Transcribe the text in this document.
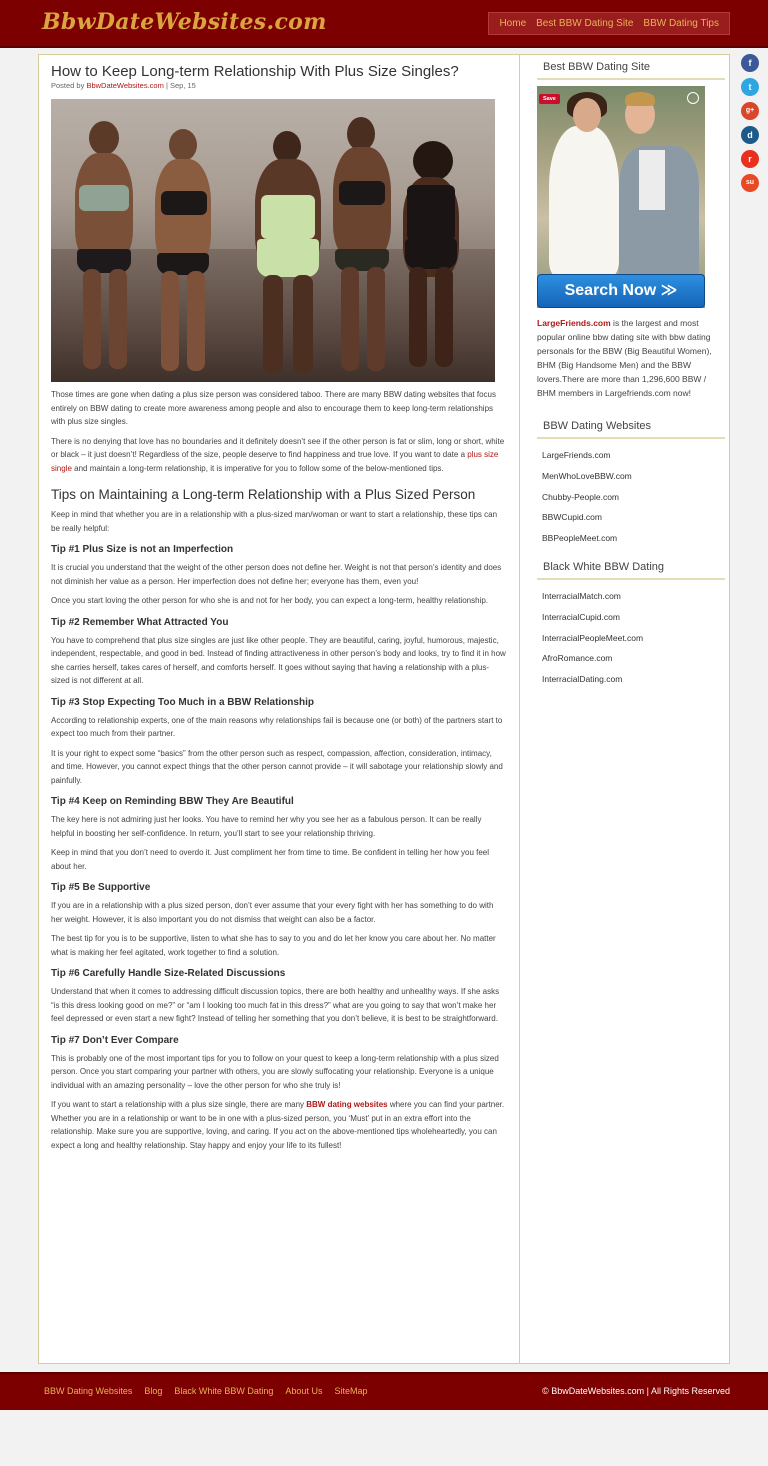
BbwDateWebsites.com	Home Best BBW Dating Site BBW Dating Tips
How to Keep Long-term Relationship With Plus Size Singles?
Posted by BbwDateWebsites.com | Sep, 15

Those times are gone when dating a plus size person was considered taboo. There are many BBW dating websites that focus entirely on BBW dating to create more awareness among people and also to encourage them to keep long-term relationships with plus size singles.

There is no denying that love has no boundaries and it definitely doesn’t see if the other person is fat or slim, long or short, white or black – it just doesn’t! Regardless of the size, people deserve to find happiness and true love. If you want to date a plus size single and maintain a long-term relationship, it is imperative for you to follow some of the below-mentioned tips.

Tips on Maintaining a Long-term Relationship with a Plus Sized Person

Keep in mind that whether you are in a relationship with a plus-sized man/woman or want to start a relationship, these tips can be really helpful:

Tip #1 Plus Size is not an Imperfection

It is crucial you understand that the weight of the other person does not define her. Weight is not that person’s identity and does not diminish her value as a person. Her imperfection does not define her; everyone has them, even you!

Once you start loving the other person for who she is and not for her body, you can expect a long-term, healthy relationship.

Tip #2 Remember What Attracted You

You have to comprehend that plus size singles are just like other people. They are beautiful, caring, joyful, humorous, majestic, independent, respectable, and good in bed. Instead of finding attractiveness in other person’s body and looks, try to find it in how she carries herself, takes cares of herself, and comforts herself. It goes without saying that having a relationship with a plus-sized is not different at all.

Tip #3 Stop Expecting Too Much in a BBW Relationship

According to relationship experts, one of the main reasons why relationships fail is because one (or both) of the partners start to expect too much from their partner.

It is your right to expect some “basics” from the other person such as respect, compassion, affection, consideration, intimacy, and time. However, you cannot expect things that the other person cannot provide – it will sabotage your relationship slowly and painfully.

Tip #4 Keep on Reminding BBW They Are Beautiful

The key here is not admiring just her looks. You have to remind her why you see her as a fabulous person. It can be really helpful in boosting her self-confidence. In return, you’ll start to see your relationship thriving.

Keep in mind that you don’t need to overdo it. Just compliment her from time to time. Be confident in telling her how you feel about her.

Tip #5 Be Supportive

If you are in a relationship with a plus sized person, don’t ever assume that your every fight with her has something to do with her weight. However, it is also important you do not dismiss that weight can also be a factor.

The best tip for you is to be supportive, listen to what she has to say to you and do let her know you care about her. No matter what is making her feel agitated, work together to find a solution.

Tip #6 Carefully Handle Size-Related Discussions

Understand that when it comes to addressing difficult discussion topics, there are both healthy and unhealthy ways. If she asks “is this dress looking good on me?” or “am I looking too much fat in this dress?” what are you going to say that won’t make her feel depressed or even start a new fight? Instead of telling her something that you don’t believe, it is best to be straightforward.

Tip #7 Don’t Ever Compare

This is probably one of the most important tips for you to follow on your quest to keep a long-term relationship with a plus sized person. Once you start comparing your partner with others, you are slowly suffocating your relationship. Everyone is a unique individual with an amazing personality – love the other person for who she truly is!

If you want to start a relationship with a plus size single, there are many BBW dating websites where you can find your partner. Whether you are in a relationship or want to be in one with a plus-sized person, you ‘Must’ put in an extra effort into the relationship. Make sure you are supportive, loving, and caring. If you act on the above-mentioned tips wholeheartedly, you can expect a long and healthy relationship. Stay happy and enjoy your life to its fullest!

Best BBW Dating Site
Save
Search Now ≫
LargeFriends.com is the largest and most popular online bbw dating site with bbw dating personals for the BBW (Big Beautiful Women), BHM (Big Handsome Men) and the BBW lovers.There are more than 1,296,600 BBW / BHM members in Largefriends.com now!
BBW Dating Websites
LargeFriends.com
MenWhoLoveBBW.com
Chubby-People.com
BBWCupid.com
BBPeopleMeet.com
Black White BBW Dating
InterracialMatch.com
InterracialCupid.com
InterracialPeopleMeet.com
AfroRomance.com
InterracialDating.com
f
t
g+
d
r
su
BBW Dating Websites Blog Black White BBW Dating About Us SiteMap	© BbwDateWebsites.com | All Rights Reserved
